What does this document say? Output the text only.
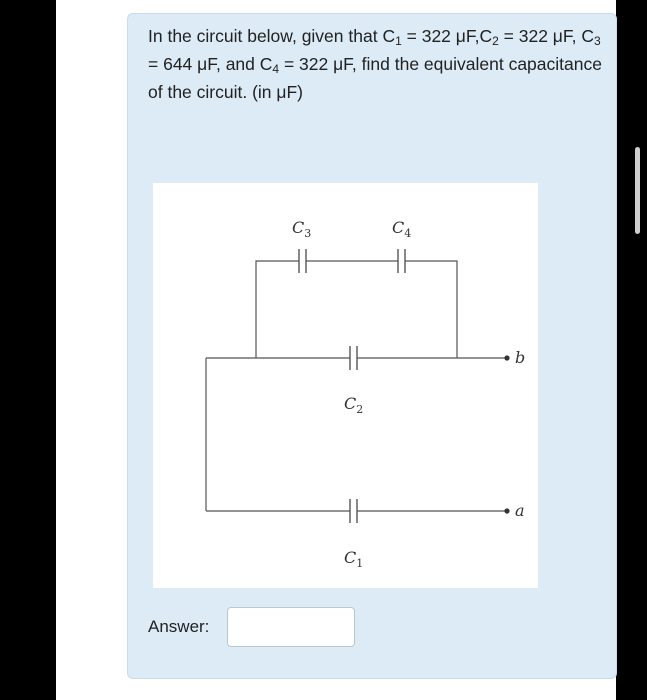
In the circuit below, given that $C_1 = 322$ $\mu F,C_2 = 322$ μF, $C_3 = 644$ μF, and $C_4 = 322$ μF, find the equivalent capacitance of the circuit. (in μF)

b
a
$C_3$	$C_4$
$C_2$
$C_1$
Answer:
